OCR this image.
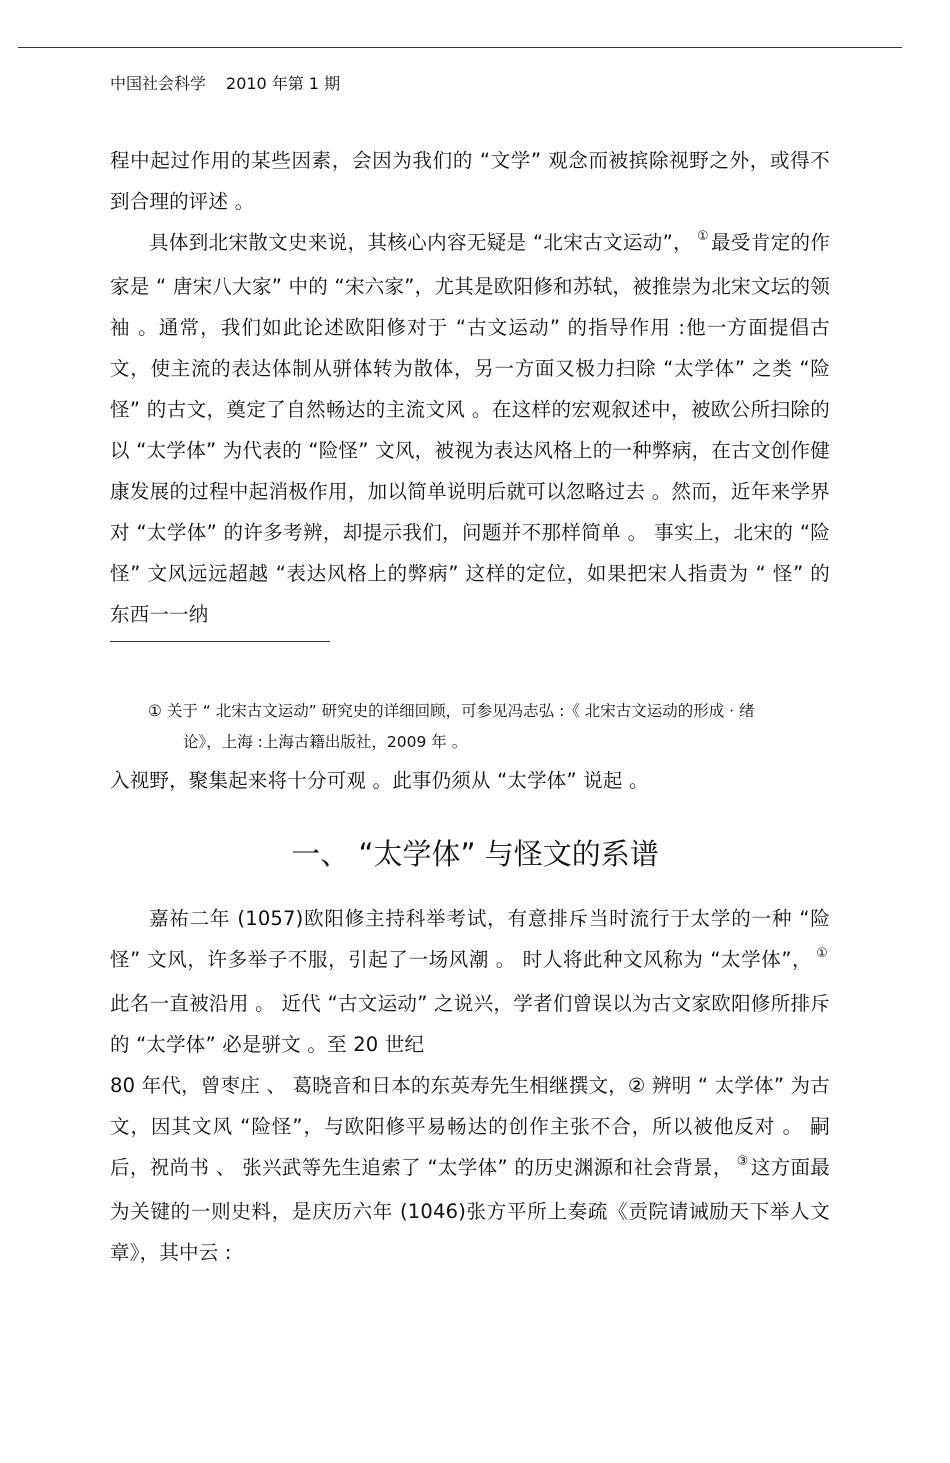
中国社会科学 2010 年第 1 期

程中起过作用的某些因素，会因为我们的 “文学” 观念而被摈除视野之外，或得不到合理的评述 。

具体到北宋散文史来说，其核心内容无疑是 “北宋古文运动”， ① 最受肯定的作家是 “ 唐宋八大家” 中的 “宋六家”，尤其是欧阳修和苏轼，被推崇为北宋文坛的领袖 。通常，我们如此论述欧阳修对于 “古文运动” 的指导作用 :他一方面提倡古文，使主流的表达体制从骈体转为散体，另一方面又极力扫除 “太学体” 之类 “险怪” 的古文，奠定了自然畅达的主流文风 。在这样的宏观叙述中，被欧公所扫除的以 “太学体” 为代表的 “险怪” 文风，被视为表达风格上的一种弊病，在古文创作健康发展的过程中起消极作用，加以简单说明后就可以忽略过去 。然而，近年来学界对 “太学体” 的许多考辨，却提示我们，问题并不那样简单 。 事实上，北宋的 “险怪” 文风远远超越 “表达风格上的弊病” 这样的定位，如果把宋人指责为 “ 怪” 的东西一一纳

① 关于 “ 北宋古文运动” 研究史的详细回顾，可参见冯志弘 :《 北宋古文运动的形成 · 绪
论》，上海 :上海古籍出版社，2009 年 。

入视野，聚集起来将十分可观 。此事仍须从 “太学体” 说起 。

一、 “太学体” 与怪文的系谱

嘉祐二年 (1057)欧阳修主持科举考试，有意排斥当时流行于太学的一种 “险怪” 文风，许多举子不服，引起了一场风潮 。 时人将此种文风称为 “太学体”， ①此名一直被沿用 。 近代 “古文运动” 之说兴，学者们曾误以为古文家欧阳修所排斥的 “太学体” 必是骈文 。至 20 世纪

80 年代，曾枣庄 、 葛晓音和日本的东英寿先生相继撰文，② 辨明 “ 太学体” 为古文，因其文风 “险怪”，与欧阳修平易畅达的创作主张不合，所以被他反对 。 嗣后，祝尚书 、 张兴武等先生追索了 “太学体” 的历史渊源和社会背景， ③ 这方面最为关键的一则史料，是庆历六年 (1046)张方平所上奏疏《贡院请诫励天下举人文章》，其中云 :
